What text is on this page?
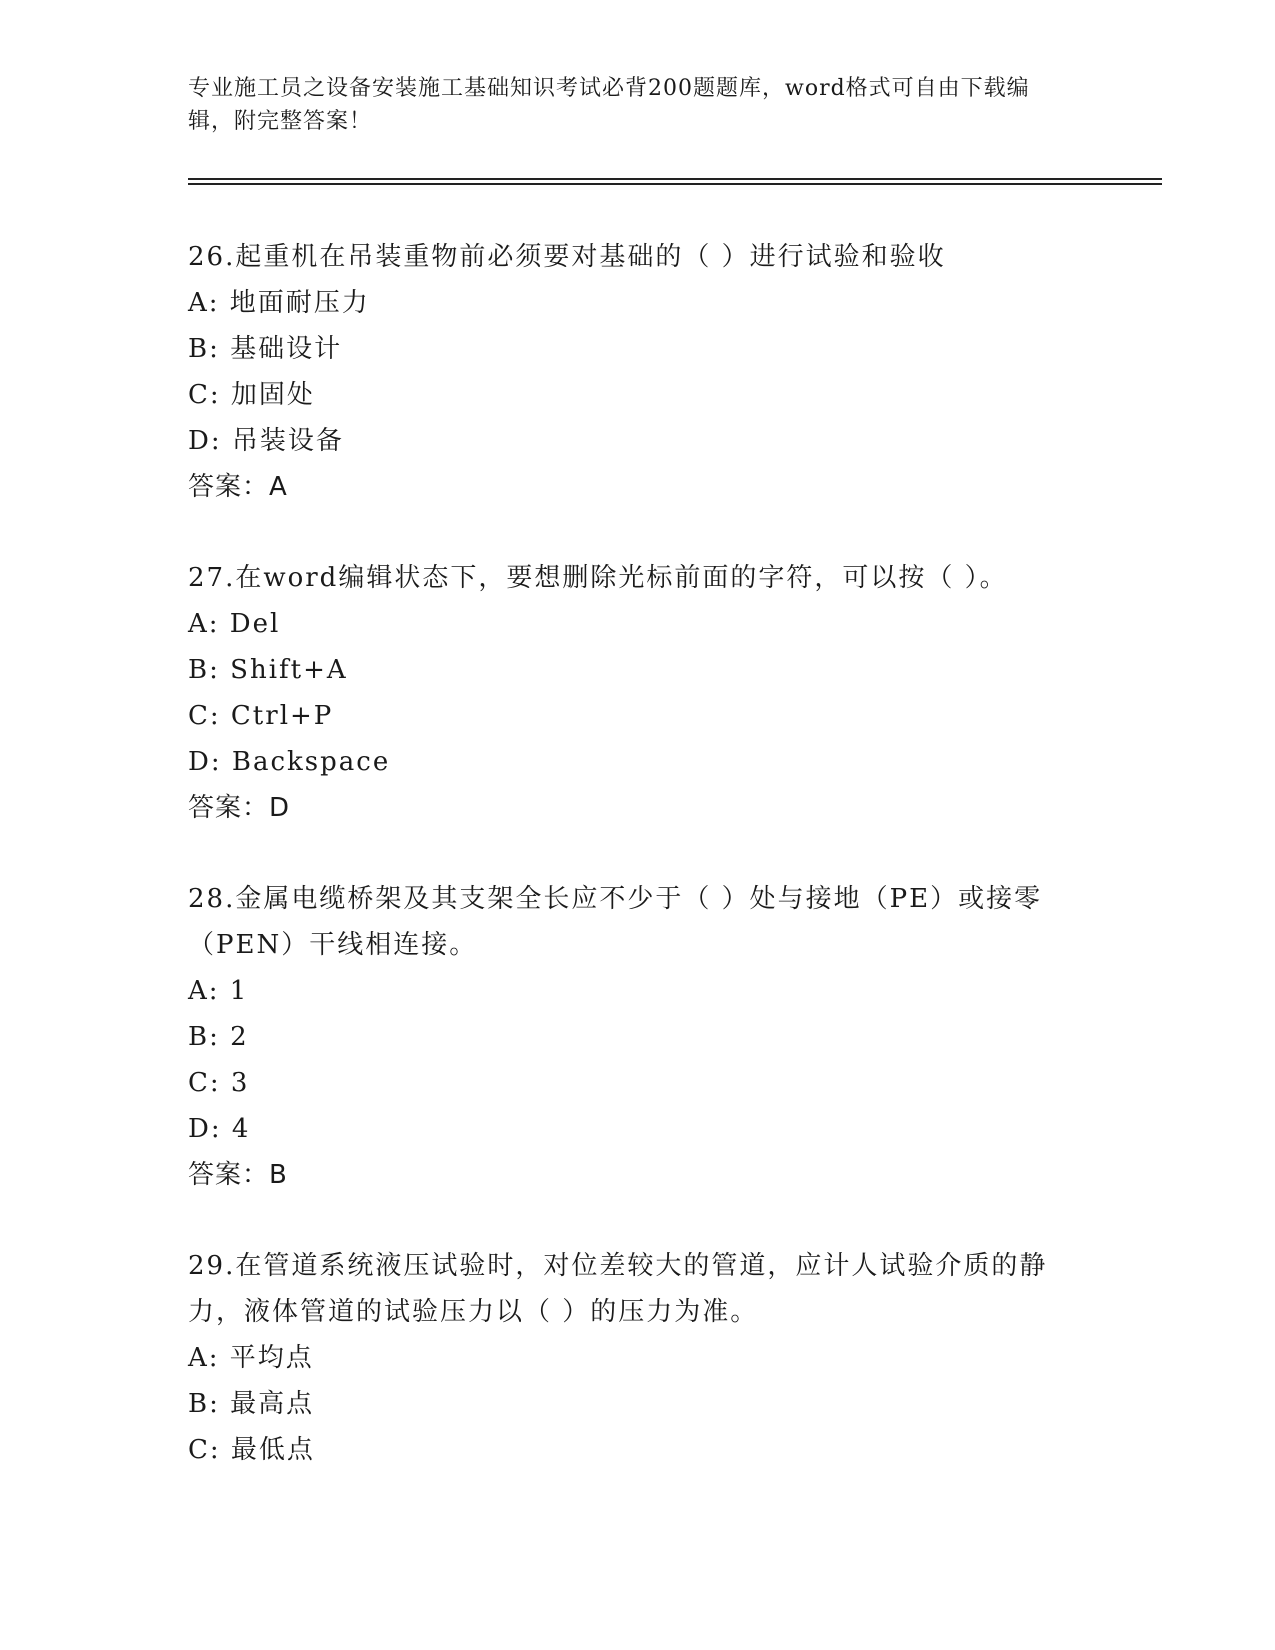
专业施工员之设备安装施工基础知识考试必背200题题库，word格式可自由下载编辑，附完整答案！
26.起重机在吊装重物前必须要对基础的（ ）进行试验和验收
A: 地面耐压力
B: 基础设计
C: 加固处
D: 吊装设备
答案：A
27.在word编辑状态下，要想删除光标前面的字符，可以按（ ）。
A: Del
B: Shift+A
C: Ctrl+P
D: Backspace
答案：D
28.金属电缆桥架及其支架全长应不少于（ ）处与接地（PE）或接零（PEN）干线相连接。
A: 1
B: 2
C: 3
D: 4
答案：B
29.在管道系统液压试验时，对位差较大的管道，应计人试验介质的静力，液体管道的试验压力以（ ）的压力为准。
A: 平均点
B: 最高点
C: 最低点
